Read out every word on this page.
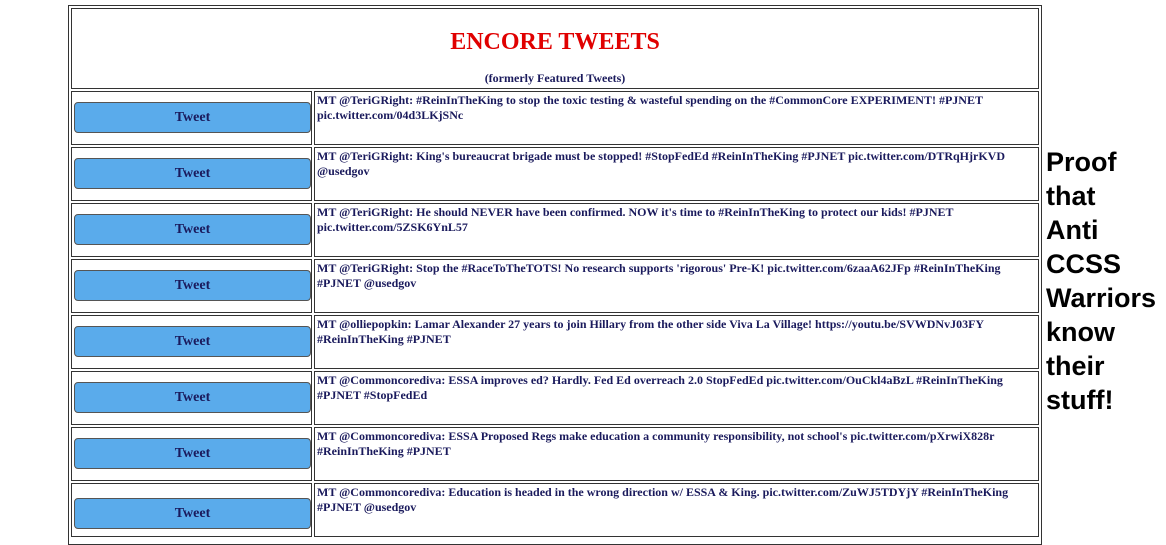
ENCORE TWEETS
(formerly Featured Tweets)
Tweet
MT @TeriGRight: #ReinInTheKing to stop the toxic testing & wasteful spending on the #CommonCore EXPERIMENT! #PJNET pic.twitter.com/04d3LKjSNc
Tweet
MT @TeriGRight: King's bureaucrat brigade must be stopped! #StopFedEd #ReinInTheKing #PJNET pic.twitter.com/DTRqHjrKVD @usedgov
Tweet
MT @TeriGRight: He should NEVER have been confirmed. NOW it's time to #ReinInTheKing to protect our kids! #PJNET pic.twitter.com/5ZSK6YnL57
Tweet
MT @TeriGRight: Stop the #RaceToTheTOTS! No research supports 'rigorous' Pre-K! pic.twitter.com/6zaaA62JFp #ReinInTheKing #PJNET @usedgov
Tweet
MT @olliepopkin: Lamar Alexander 27 years to join Hillary from the other side Viva La Village! https://youtu.be/SVWDNvJ03FY #ReinInTheKing #PJNET
Tweet
MT @Commoncorediva: ESSA improves ed? Hardly. Fed Ed overreach 2.0 StopFedEd pic.twitter.com/OuCkl4aBzL #ReinInTheKing #PJNET #StopFedEd
Tweet
MT @Commoncorediva: ESSA Proposed Regs make education a community responsibility, not school's pic.twitter.com/pXrwiX828r #ReinInTheKing #PJNET
Tweet
MT @Commoncorediva: Education is headed in the wrong direction w/ ESSA & King. pic.twitter.com/ZuWJ5TDYjY #ReinInTheKing #PJNET @usedgov
Proof
that
Anti
CCSS
Warriors
know
their
stuff!
